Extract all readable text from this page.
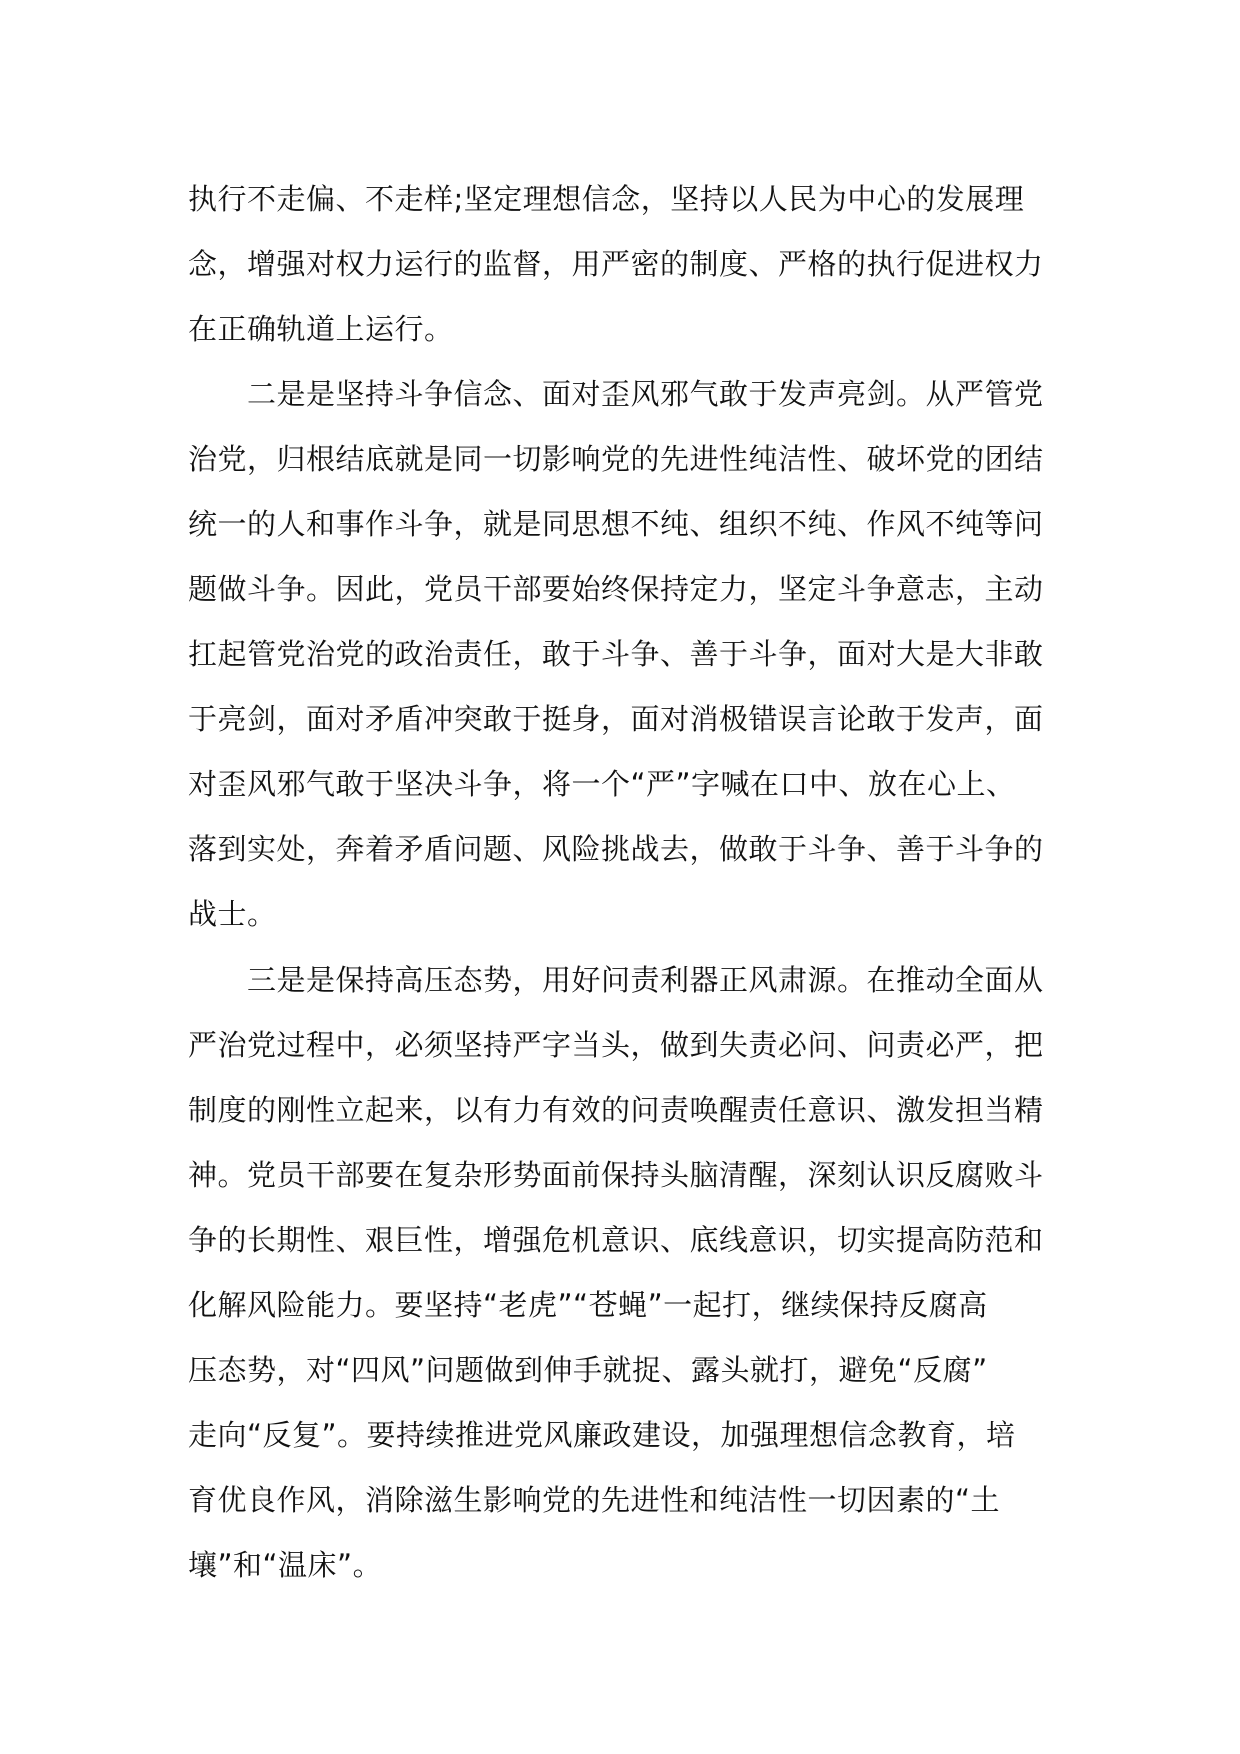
执行不走偏、不走样;坚定理想信念，坚持以人民为中心的发展理
念，增强对权力运行的监督，用严密的制度、严格的执行促进权力
在正确轨道上运行。
二是是坚持斗争信念、面对歪风邪气敢于发声亮剑。从严管党
治党，归根结底就是同一切影响党的先进性纯洁性、破坏党的团结
统一的人和事作斗争，就是同思想不纯、组织不纯、作风不纯等问
题做斗争。因此，党员干部要始终保持定力，坚定斗争意志，主动
扛起管党治党的政治责任，敢于斗争、善于斗争，面对大是大非敢
于亮剑，面对矛盾冲突敢于挺身，面对消极错误言论敢于发声，面
对歪风邪气敢于坚决斗争，将一个“严”字喊在口中、放在心上、
落到实处，奔着矛盾问题、风险挑战去，做敢于斗争、善于斗争的
战士。
三是是保持高压态势，用好问责利器正风肃源。在推动全面从
严治党过程中，必须坚持严字当头，做到失责必问、问责必严，把
制度的刚性立起来，以有力有效的问责唤醒责任意识、激发担当精
神。党员干部要在复杂形势面前保持头脑清醒，深刻认识反腐败斗
争的长期性、艰巨性，增强危机意识、底线意识，切实提高防范和
化解风险能力。要坚持“老虎”“苍蝇”一起打，继续保持反腐高
压态势，对“四风”问题做到伸手就捉、露头就打，避免“反腐”
走向“反复”。要持续推进党风廉政建设，加强理想信念教育，培
育优良作风，消除滋生影响党的先进性和纯洁性一切因素的“土
壤”和“温床”。
